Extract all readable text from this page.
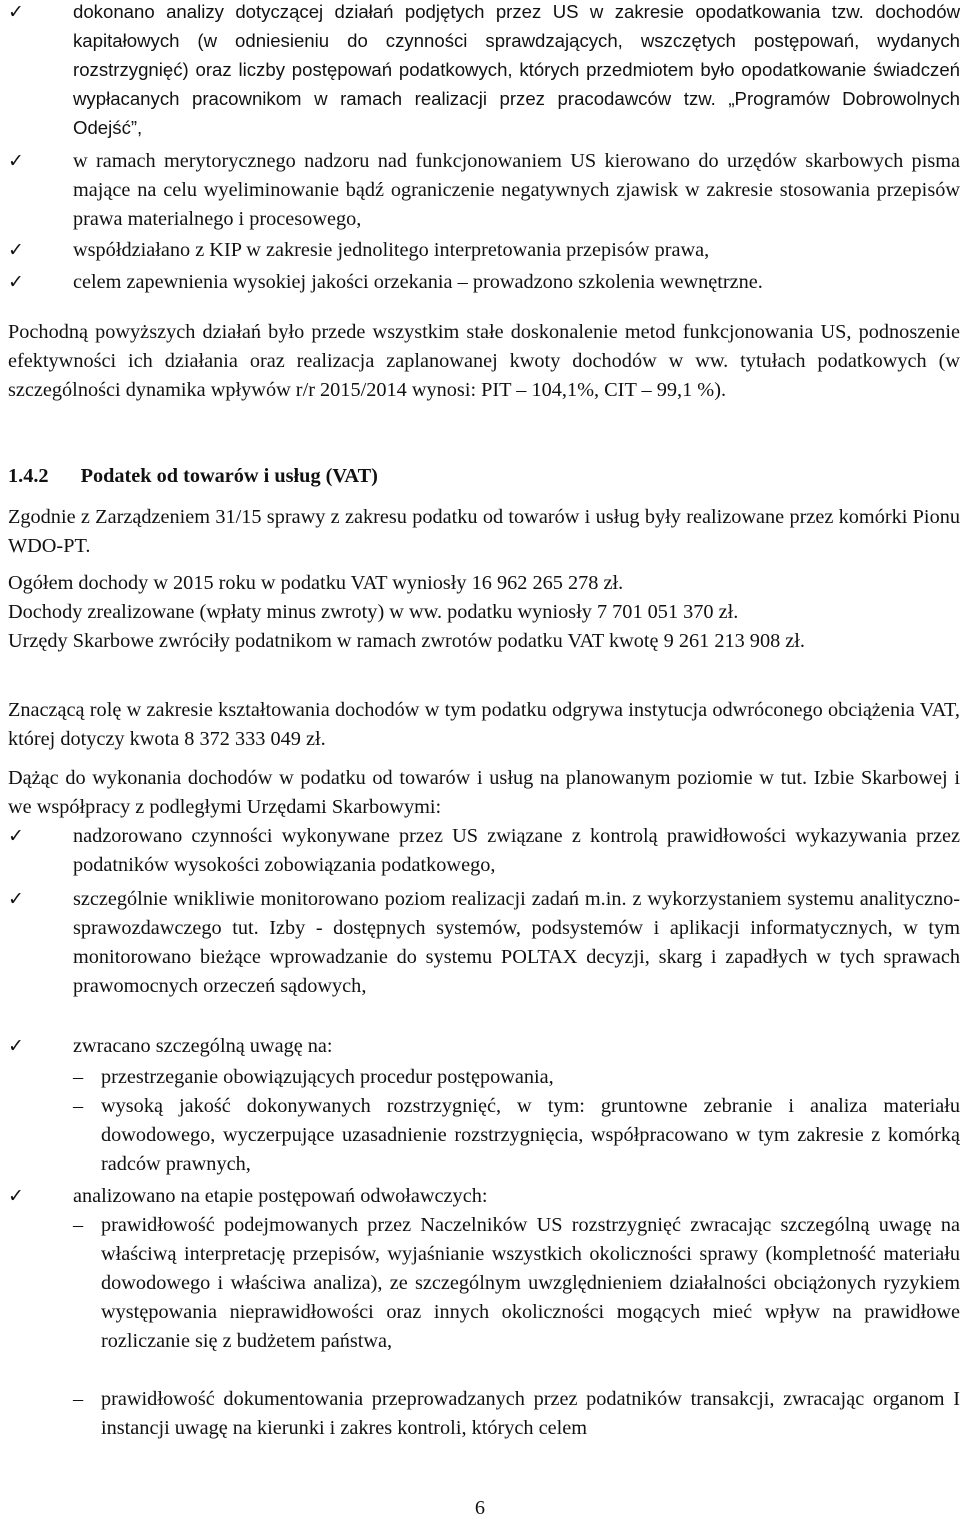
✓	dokonano analizy dotyczącej działań podjętych przez US w zakresie opodatkowania tzw. dochodów kapitałowych (w odniesieniu do czynności sprawdzających, wszczętych postępowań, wydanych rozstrzygnięć) oraz liczby postępowań podatkowych, których przedmiotem było opodatkowanie świadczeń wypłacanych pracownikom w ramach realizacji przez pracodawców tzw. „Programów Dobrowolnych Odejść”,
✓ w ramach merytorycznego nadzoru nad funkcjonowaniem US kierowano do urzędów skarbowych pisma mające na celu wyeliminowanie bądź ograniczenie negatywnych zjawisk w zakresie stosowania przepisów prawa materialnego i procesowego,
✓ współdziałano z KIP w zakresie jednolitego interpretowania przepisów prawa,
✓ celem zapewnienia wysokiej jakości orzekania – prowadzono szkolenia wewnętrzne.
Pochodną powyższych działań było przede wszystkim stałe doskonalenie metod funkcjonowania US, podnoszenie efektywności ich działania oraz realizacja zaplanowanej kwoty dochodów w ww. tytułach podatkowych (w szczególności dynamika wpływów r/r 2015/2014 wynosi: PIT – 104,1%, CIT – 99,1 %).
1.4.2 Podatek od towarów i usług (VAT)
Zgodnie z Zarządzeniem 31/15 sprawy z zakresu podatku od towarów i usług były realizowane przez komórki Pionu WDO-PT.
Ogółem dochody w 2015 roku w podatku VAT wyniosły 16 962 265 278 zł.
Dochody zrealizowane (wpłaty minus zwroty) w ww. podatku wyniosły 7 701 051 370 zł.
Urzędy Skarbowe zwróciły podatnikom w ramach zwrotów podatku VAT kwotę 9 261 213 908 zł.
Znaczącą rolę w zakresie kształtowania dochodów w tym podatku odgrywa instytucja odwróconego obciążenia VAT, której dotyczy kwota 8 372 333 049 zł.
Dążąc do wykonania dochodów w podatku od towarów i usług na planowanym poziomie w tut. Izbie Skarbowej i we współpracy z podległymi Urzędami Skarbowymi:
✓ nadzorowano czynności wykonywane przez US związane z kontrolą prawidłowości wykazywania przez podatników wysokości zobowiązania podatkowego,
✓ szczególnie wnikliwie monitorowano poziom realizacji zadań m.in. z wykorzystaniem systemu analityczno-sprawozdawczego tut. Izby - dostępnych systemów, podsystemów i aplikacji informatycznych, w tym monitorowano bieżące wprowadzanie do systemu POLTAX decyzji, skarg i zapadłych w tych sprawach prawomocnych orzeczeń sądowych,
✓ zwracano szczególną uwagę na:
– przestrzeganie obowiązujących procedur postępowania,
– wysoką jakość dokonywanych rozstrzygnięć, w tym: gruntowne zebranie i analiza materiału dowodowego, wyczerpujące uzasadnienie rozstrzygnięcia, współpracowano w tym zakresie z komórką radców prawnych,
✓ analizowano na etapie postępowań odwoławczych:
– prawidłowość podejmowanych przez Naczelników US rozstrzygnięć zwracając szczególną uwagę na właściwą interpretację przepisów, wyjaśnianie wszystkich okoliczności sprawy (kompletność materiału dowodowego i właściwa analiza), ze szczególnym uwzględnieniem działalności obciążonych ryzykiem występowania nieprawidłowości oraz innych okoliczności mogących mieć wpływ na prawidłowe rozliczanie się z budżetem państwa,
– prawidłowość dokumentowania przeprowadzanych przez podatników transakcji, zwracając organom I instancji uwagę na kierunki i zakres kontroli, których celem
6
